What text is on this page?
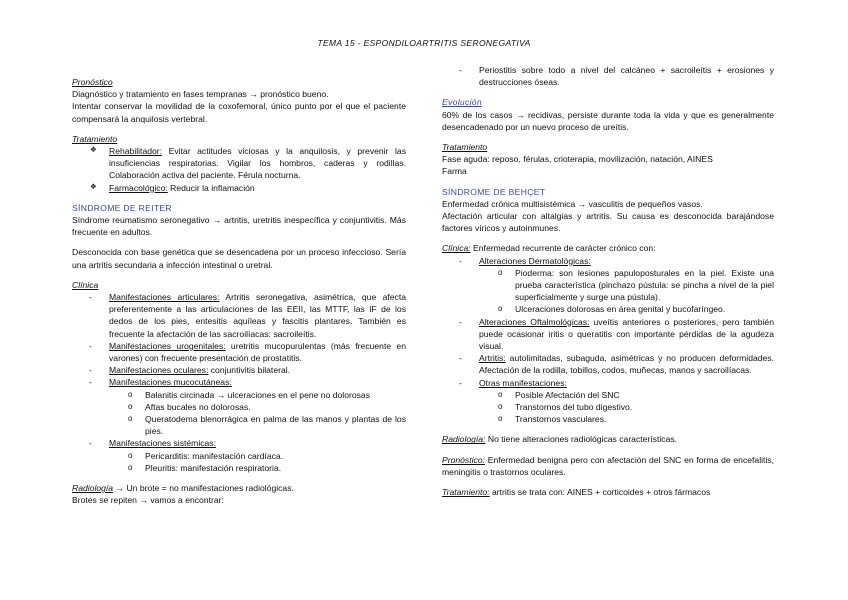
TEMA 15 - ESPONDILOARTRITIS SERONEGATIVA

Pronóstico

Diagnóstico y tratamiento en fases tempranas → pronóstico bueno.

Intentar conservar la movilidad de la coxofemoral, único punto por el que el paciente compensará la anquilosis vertebral.

Tratamiento

❖ Rehabilitador: Evitar actitudes viciosas y la anquilosis, y prevenir las insuficiencias respiratorias. Vigilar los hombros, caderas y rodillas. Colaboración activa del paciente. Férula nocturna.
❖ Farmacológico: Reducir la inflamación

SÍNDROME DE REITER

Síndrome reumatismo seronegativo → artritis, uretritis inespecífica y conjuntivitis. Más frecuente en adultos.

Desconocida con base genética que se desencadena por un proceso infeccioso. Sería una artritis secundaria a infección intestinal o uretral.

Clínica

- Manifestaciones articulares: Artritis seronegativa, asimétrica, que afecta preferentemente a las articulaciones de las EEII, las MTTF, las IF de los dedos de los pies, entesitis aquíleas y fascitis plantares. También es frecuente la afectación de las sacroilíacas: sacroileítis.
- Manifestaciones urogenitales: uretritis mucopurulentas (más frecuente en varones) con frecuente presentación de prostatitis.
- Manifestaciones oculares: conjuntivitis bilateral.
- Manifestaciones mucocutáneas:
o Balanitis circinada → ulceraciones en el pene no dolorosas
o Aftas bucales no dolorosas.
o Queratodema blenorrágica en palma de las manos y plantas de los pies.
- Manifestaciones sistémicas:
o Pericarditis: manifestación cardíaca.
o Pleuritis: manifestación respiratoria.

Radiología → Un brote = no manifestaciones radiológicas.

Brotes se repiten → vamos a encontrar:

- Periostitis sobre todo a nivel del calcáneo + sacroileítis + erosiones y destrucciones óseas.

Evolución

60% de los casos → recidivas, persiste durante toda la vida y que es generalmente desencadenado por un nuevo proceso de ureítis.

Tratamiento

Fase aguda: reposo, férulas, crioterapia, movilización, natación, AINES

Farma

SÍNDROME DE BEHÇET

Enfermedad crónica multisistémica → vasculitis de pequeños vasos.

Afectación articular con altalgias y artritis. Su causa es desconocida barajándose factores víricos y autoinmunes.

Clínica: Enfermedad recurrente de carácter crónico con:

- Alteraciones Dermatológicas:
o Pioderma: son lesiones papuloposturales en la piel. Existe una prueba característica (pinchazo pústula: se pincha a nivel de la piel superficialmente y surge una pústula).
o Ulceraciones dolorosas en área genital y bucofaríngeo.
- Alteraciones Oftalmológicas: uveítis anteriores o posteriores, pero también puede ocasionar iritis o queratitis con importante pérdidas de la agudeza visual.
- Artritis: autolimitadas, subaguda, asimétricas y no producen deformidades. Afectación de la rodilla, tobillos, codos, muñecas, manos y sacroilíacas.
- Otras manifestaciones:
o Posible Afectación del SNC
o Transtornos del tubo digestivo.
o Transtornos vasculares.

Radiología: No tiene alteraciones radiológicas características.

Pronóstico: Enfermedad benigna pero con afectación del SNC en forma de encefalitis, meningitis o trastornos oculares.

Tratamiento: artritis se trata con: AINES + corticoides + otros fármacos
